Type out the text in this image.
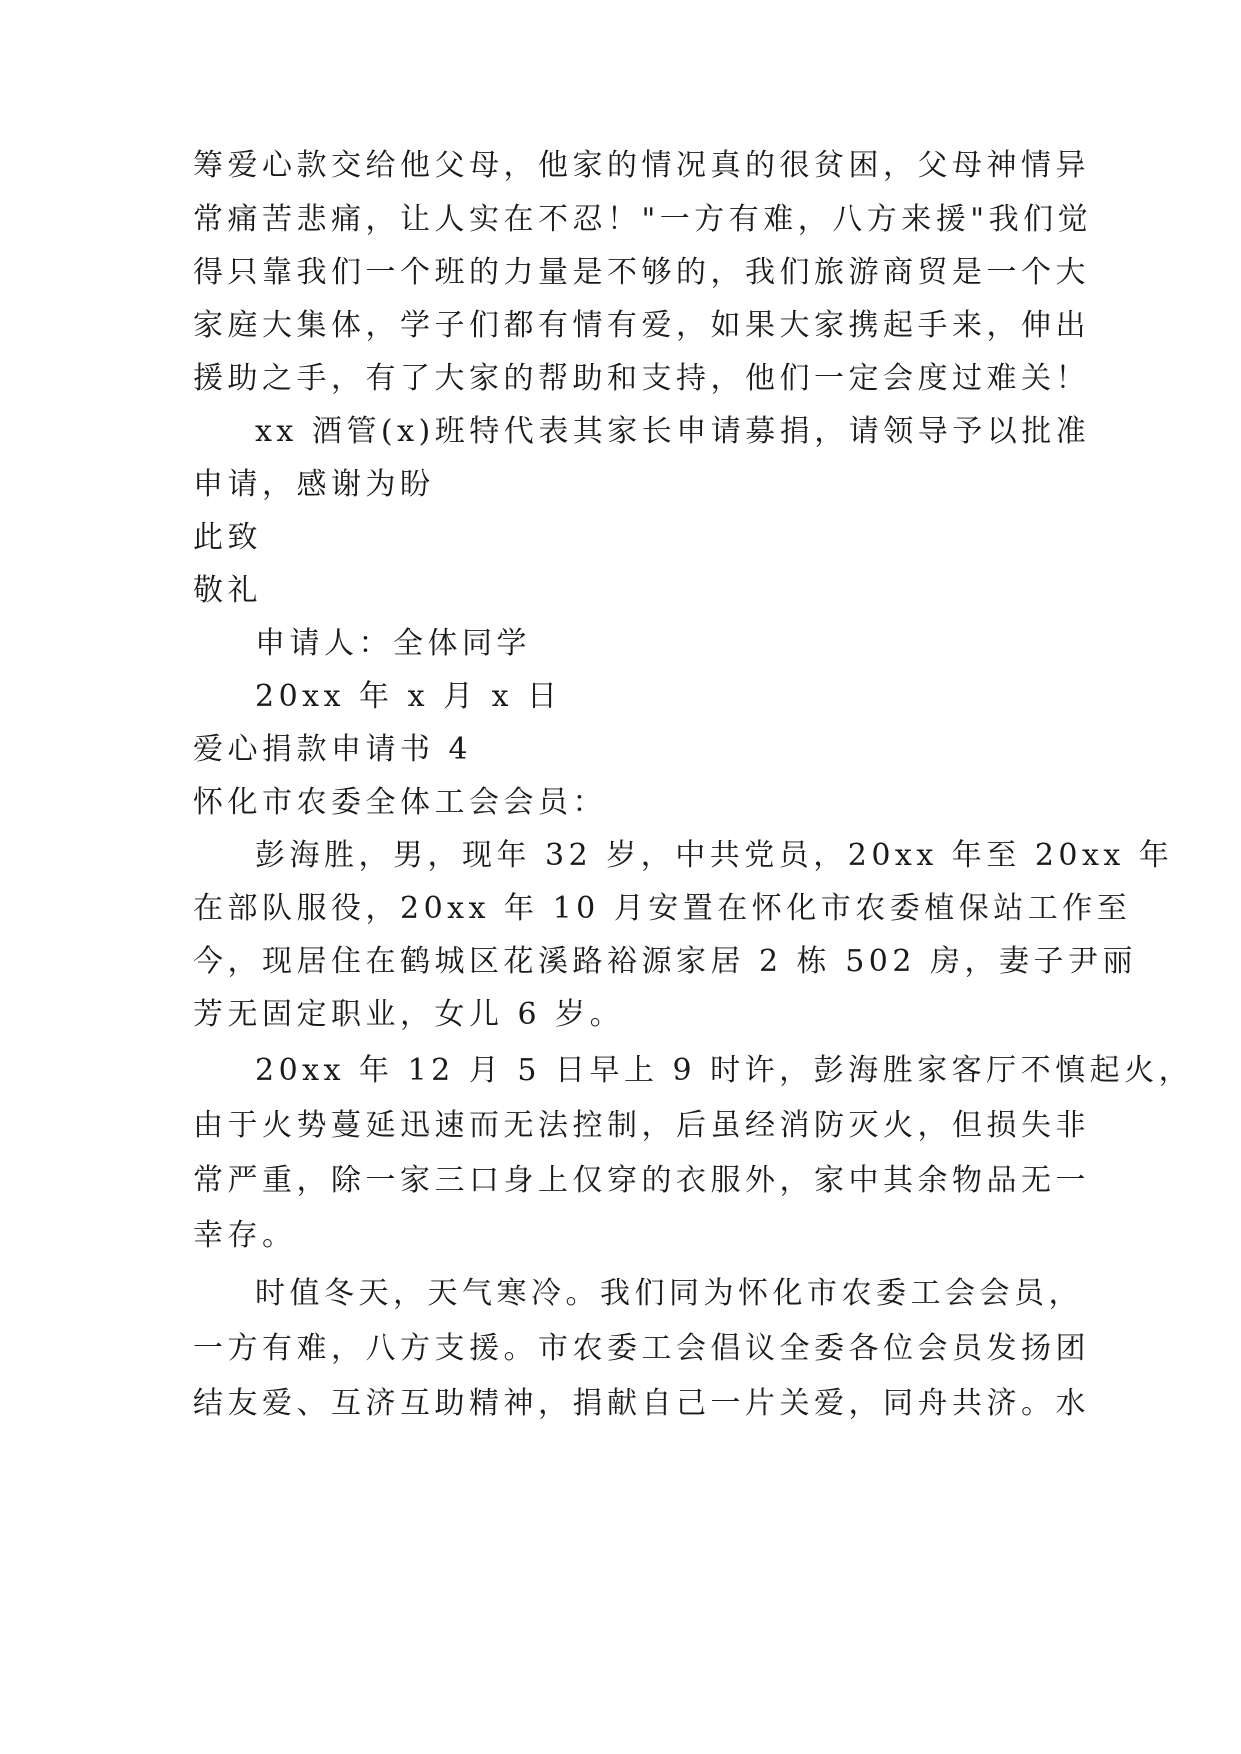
筹爱心款交给他父母，他家的情况真的很贫困，父母神情异
常痛苦悲痛，让人实在不忍！"一方有难，八方来援"我们觉
得只靠我们一个班的力量是不够的，我们旅游商贸是一个大
家庭大集体，学子们都有情有爱，如果大家携起手来，伸出
援助之手，有了大家的帮助和支持，他们一定会度过难关！
xx 酒管(x)班特代表其家长申请募捐，请领导予以批准
申请，感谢为盼
此致
敬礼
申请人：全体同学
20xx 年 x 月 x 日
爱心捐款申请书 4
怀化市农委全体工会会员：
彭海胜，男，现年 32 岁，中共党员，20xx 年至 20xx 年
在部队服役，20xx 年 10 月安置在怀化市农委植保站工作至
今，现居住在鹤城区花溪路裕源家居 2 栋 502 房，妻子尹丽
芳无固定职业，女儿 6 岁。
20xx 年 12 月 5 日早上 9 时许，彭海胜家客厅不慎起火，
由于火势蔓延迅速而无法控制，后虽经消防灭火，但损失非
常严重，除一家三口身上仅穿的衣服外，家中其余物品无一
幸存。
时值冬天，天气寒冷。我们同为怀化市农委工会会员，
一方有难，八方支援。市农委工会倡议全委各位会员发扬团
结友爱、互济互助精神，捐献自己一片关爱，同舟共济。水
